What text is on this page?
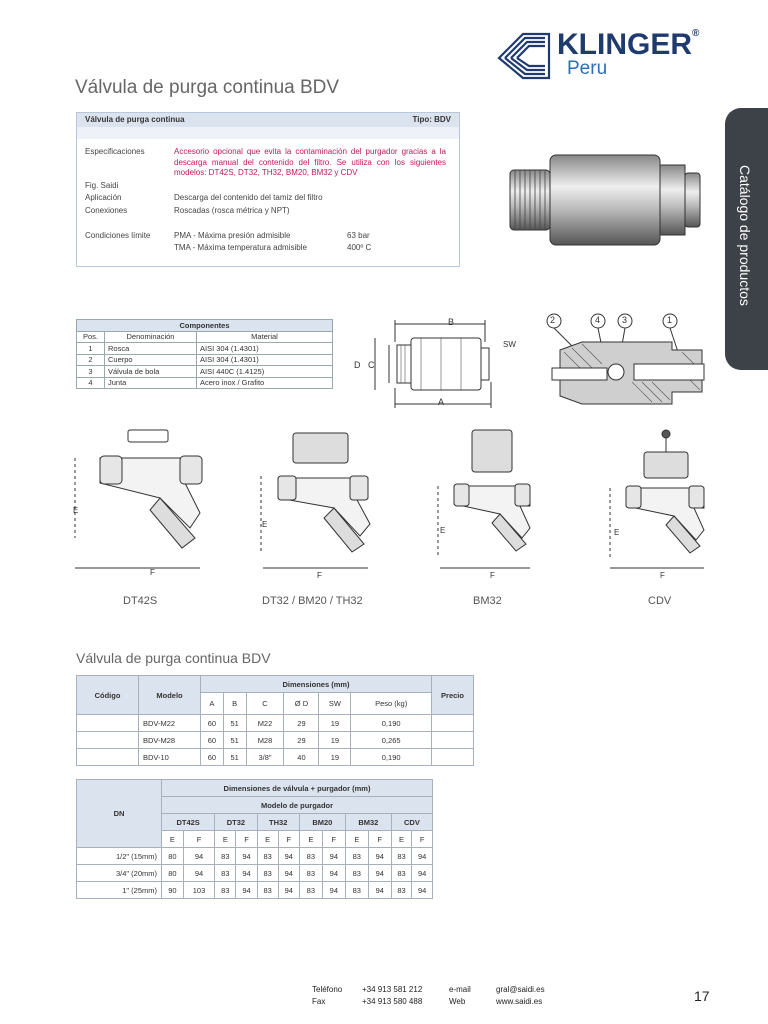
KLINGER®
Peru
Válvula de purga continua BDV
Catálogo de productos
Válvula de purga continua	Tipo: BDV
Especificaciones	Accesorio opcional que evita la contaminación del purgador gracias a la descarga manual del contenido del filtro. Se utiliza con los siguientes modelos: DT42S, DT32, TH32, BM20, BM32 y CDV
Fig. Saidi
Aplicación	Descarga del contenido del tamiz del filtro
Conexiones	Roscadas (rosca métrica y NPT)
Condiciones límite	PMA - Máxima presión admisible	63 bar
TMA - Máxima temperatura admisible	400º C
Componentes		
Pos.	Denominación	Material
1	Rosca	AISI 304 (1.4301)
2	Cuerpo	AISI 304 (1.4301)
3	Válvula de bola	AISI 440C (1.4125)
4	Junta	Acero inox / Grafito
B
A
D C
SW
2	4 3	1
E
F
E
F
E
F
E
F
DT42S	DT32 / BM20 / TH32	BM32	CDV
Válvula de purga continua BDV
Código	Modelo	Dimensiones (mm)						Precio
		A	B	C	Ø D	SW	Peso (kg)	
	BDV-M22	60	51	M22	29	19	0,190	
	BDV-M28	60	51	M28	29	19	0,265	
	BDV-10	60	51	3/8"	40	19	0,190	
DN	Dimensiones de válvula + purgador (mm)											
	Modelo de purgador											
	DT42S		DT32		TH32		BM20		BM32		CDV	
	E	F	E	F	E	F	E	F	E	F	E	F
1/2" (15mm)	80	94	83	94	83	94	83	94	83	94	83	94
3/4" (20mm)	80	94	83	94	83	94	83	94	83	94	83	94
1" (25mm)	90	103	83	94	83	94	83	94	83	94	83	94
Teléfono +34 913 581 212	e-mail	gral@saidi.es
Fax	+34 913 580 488	Web	www.saidi.es	17
